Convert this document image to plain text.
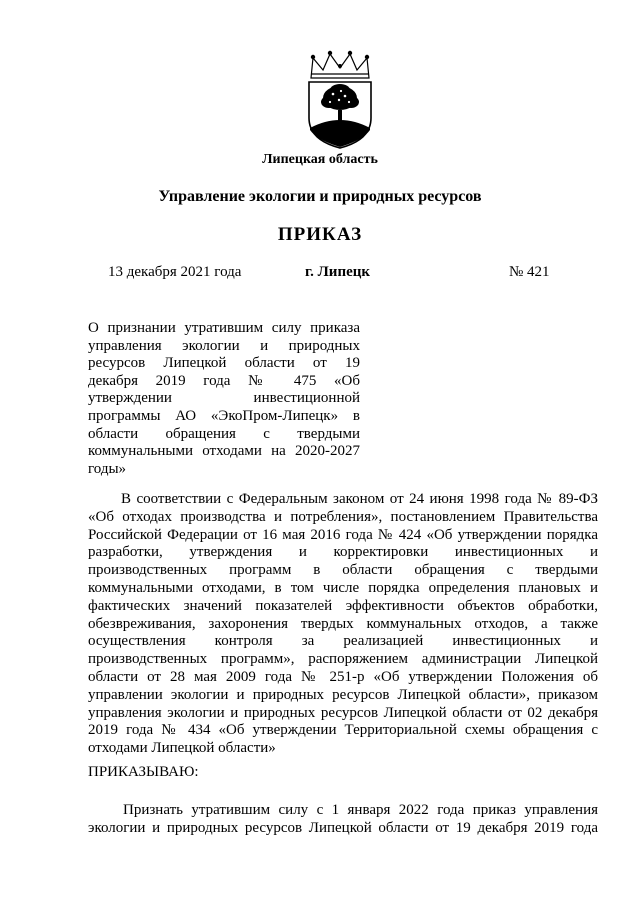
Липецкая область
Управление экологии и природных ресурсов
ПРИКАЗ
13 декабря 2021 года	г. Липецк	№ 421
О признании утратившим силу приказа
управления экологии и природных
ресурсов Липецкой области от 19
декабря 2019 года № 475 «Об
утверждении инвестиционной
программы АО «ЭкоПром-Липецк» в
области обращения с твердыми
коммунальными отходами на 2020-2027
годы»
В соответствии с Федеральным законом от 24 июня 1998 года № 89-ФЗ
«Об отходах производства и потребления», постановлением Правительства
Российской Федерации от 16 мая 2016 года № 424 «Об утверждении порядка
разработки, утверждения и корректировки инвестиционных и
производственных программ в области обращения с твердыми
коммунальными отходами, в том числе порядка определения плановых и
фактических значений показателей эффективности объектов обработки,
обезвреживания, захоронения твердых коммунальных отходов, а также
осуществления контроля за реализацией инвестиционных и
производственных программ», распоряжением администрации Липецкой
области от 28 мая 2009 года № 251-р «Об утверждении Положения об
управлении экологии и природных ресурсов Липецкой области», приказом
управления экологии и природных ресурсов Липецкой области от 02 декабря
2019 года № 434 «Об утверждении Территориальной схемы обращения с
отходами Липецкой области»
ПРИКАЗЫВАЮ:
Признать утратившим силу с 1 января 2022 года приказ управления
экологии и природных ресурсов Липецкой области от 19 декабря 2019 года
